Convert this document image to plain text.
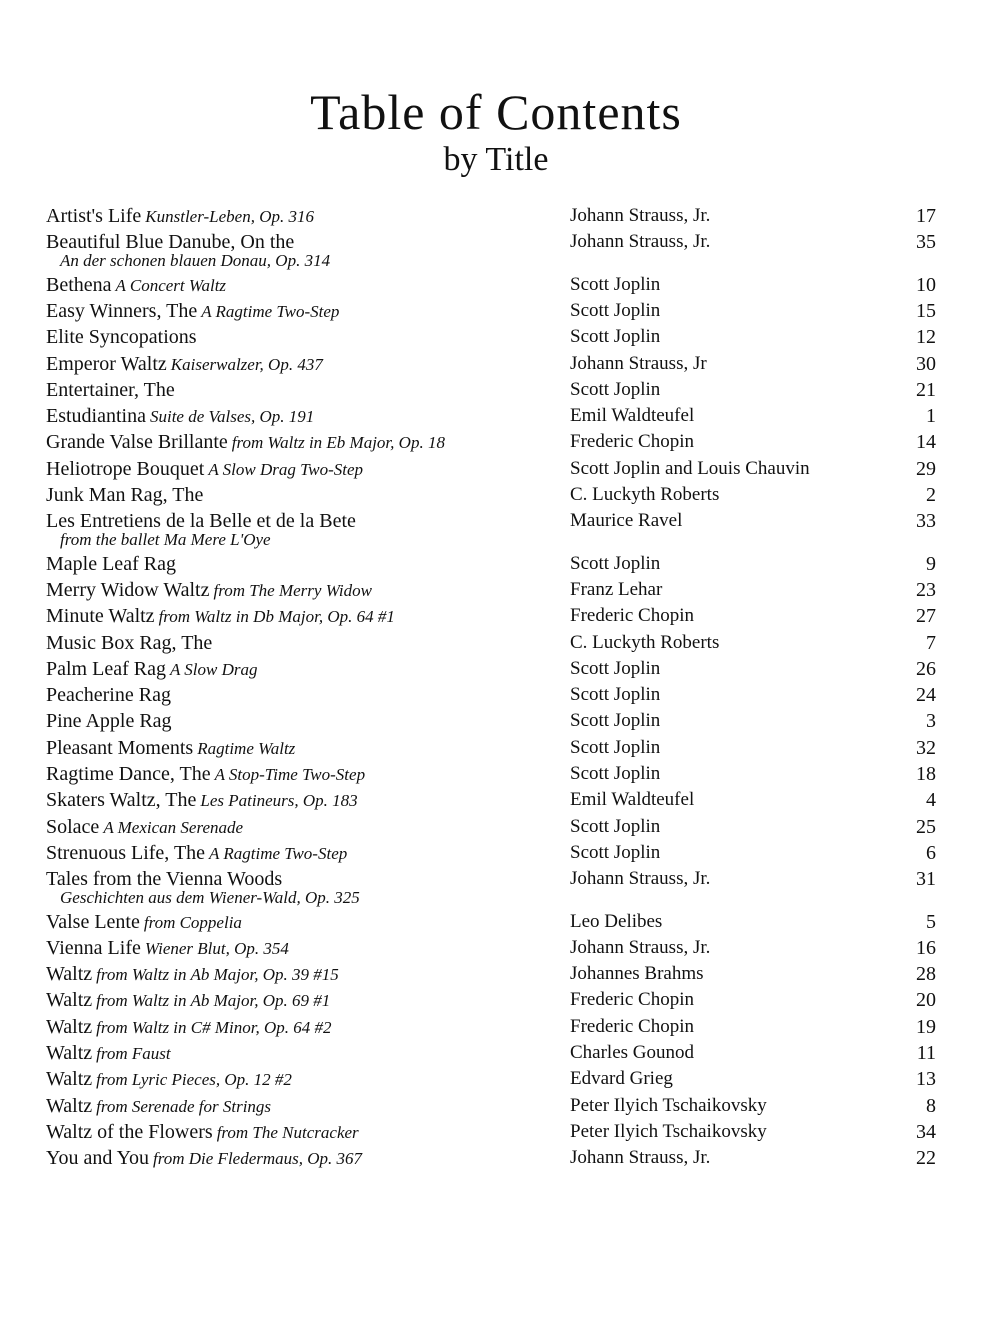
Table of Contents
by Title
Artist's Life Kunstler-Leben, Op. 316	Johann Strauss, Jr.	17
Beautiful Blue Danube, On the
An der schonen blauen Donau, Op. 314
Johann Strauss, Jr.	35
Bethena A Concert Waltz	Scott Joplin	10
Easy Winners, The A Ragtime Two-Step	Scott Joplin	15
Elite Syncopations	Scott Joplin	12
Emperor Waltz Kaiserwalzer, Op. 437	Johann Strauss, Jr	30
Entertainer, The	Scott Joplin	21
Estudiantina Suite de Valses, Op. 191	Emil Waldteufel	1
Grande Valse Brillante from Waltz in Eb Major, Op. 18	Frederic Chopin	14
Heliotrope Bouquet A Slow Drag Two-Step	Scott Joplin and Louis Chauvin	29
Junk Man Rag, The	C. Luckyth Roberts	2
Les Entretiens de la Belle et de la Bete
from the ballet Ma Mere L'Oye
Maurice Ravel	33
Maple Leaf Rag	Scott Joplin	9
Merry Widow Waltz from The Merry Widow	Franz Lehar	23
Minute Waltz from Waltz in Db Major, Op. 64 #1	Frederic Chopin	27
Music Box Rag, The	C. Luckyth Roberts	7
Palm Leaf Rag A Slow Drag	Scott Joplin	26
Peacherine Rag	Scott Joplin	24
Pine Apple Rag	Scott Joplin	3
Pleasant Moments Ragtime Waltz	Scott Joplin	32
Ragtime Dance, The A Stop-Time Two-Step	Scott Joplin	18
Skaters Waltz, The Les Patineurs, Op. 183	Emil Waldteufel	4
Solace A Mexican Serenade	Scott Joplin	25
Strenuous Life, The A Ragtime Two-Step	Scott Joplin	6
Tales from the Vienna Woods
Geschichten aus dem Wiener-Wald, Op. 325
Johann Strauss, Jr.	31
Valse Lente from Coppelia	Leo Delibes	5
Vienna Life Wiener Blut, Op. 354	Johann Strauss, Jr.	16
Waltz from Waltz in Ab Major, Op. 39 #15	Johannes Brahms	28
Waltz from Waltz in Ab Major, Op. 69 #1	Frederic Chopin	20
Waltz from Waltz in C# Minor, Op. 64 #2	Frederic Chopin	19
Waltz from Faust	Charles Gounod	11
Waltz from Lyric Pieces, Op. 12 #2	Edvard Grieg	13
Waltz from Serenade for Strings	Peter Ilyich Tschaikovsky	8
Waltz of the Flowers from The Nutcracker	Peter Ilyich Tschaikovsky	34
You and You from Die Fledermaus, Op. 367	Johann Strauss, Jr.	22
